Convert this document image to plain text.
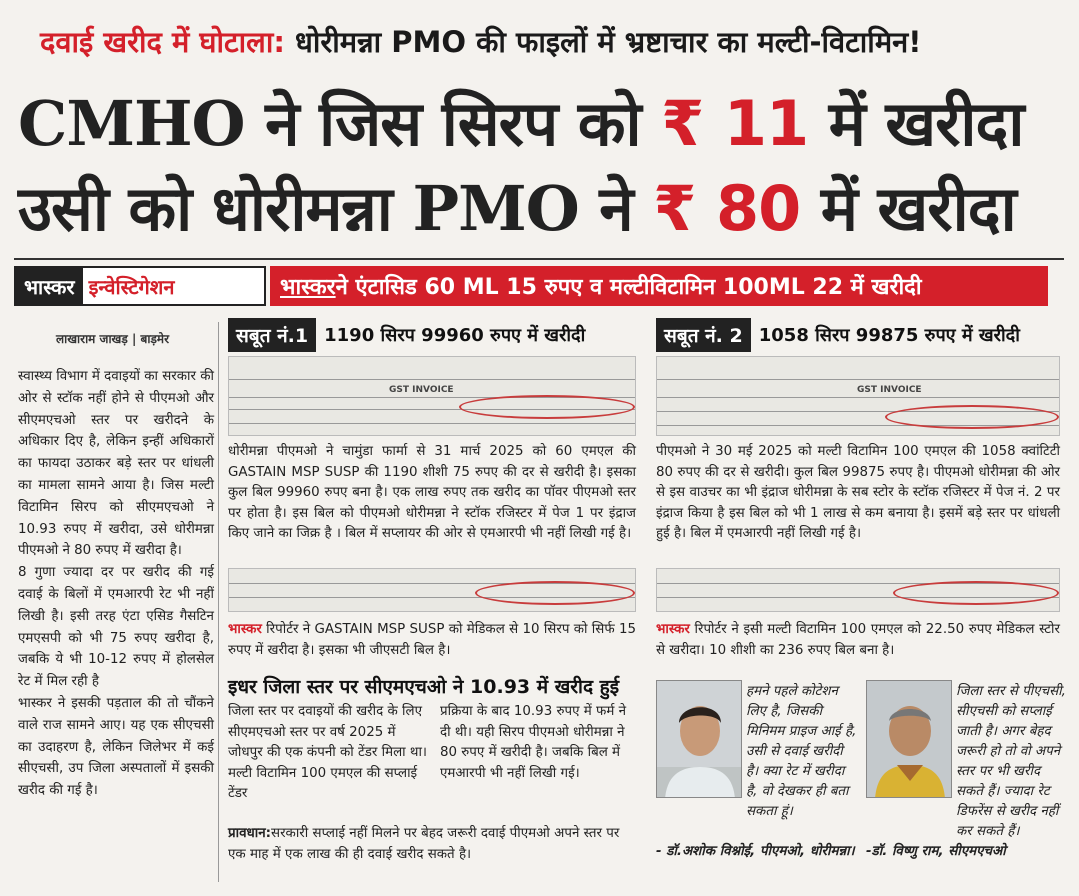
दवाई खरीद में घोटाला: धोरीमन्ना PMO की फाइलों में भ्रष्टाचार का मल्टी-विटामिन!
CMHO ने जिस सिरप को ₹ 11 में खरीदा
उसी को धोरीमन्ना PMO ने ₹ 80 में खरीदा
भास्कर इन्वेस्टिगेशन	भास्कर ने एंटासिड 60 ML 15 रुपए व मल्टीविटामिन 100ML 22 में खरीदी
लाखाराम जाखड़ | बाड़मेर

स्वास्थ्य विभाग में दवाइयों का सरकार की ओर से स्टॉक नहीं होने से पीएमओ और सीएमएचओ स्तर पर खरीदने के अधिकार दिए है, लेकिन इन्हीं अधिकारों का फायदा उठाकर बड़े स्तर पर धांधली का मामला सामने आया है। जिस मल्टी विटामिन सिरप को सीएमएचओ ने 10.93 रुपए में खरीदा, उसे धोरीमन्ना पीएमओ ने 80 रुपए में खरीदा है।

8 गुणा ज्यादा दर पर खरीद की गई दवाई के बिलों में एमआरपी रेट भी नहीं लिखी है। इसी तरह एंटा एसिड गैसटिन एमएसपी को भी 75 रुपए खरीदा है, जबकि ये भी 10-12 रुपए में होलसेल रेट में मिल रही है

भास्कर ने इसकी पड़ताल की तो चौंकने वाले राज सामने आए। यह एक सीएचसी का उदाहरण है, लेकिन जिलेभर में कई सीएचसी, उप जिला अस्पतालों में इसकी खरीद की गई है।

सबूत नं.1 1190 सिरप 99960 रुपए में खरीदी
GST INVOICE
धोरीमन्ना पीएमओ ने चामुंडा फार्मा से 31 मार्च 2025 को 60 एमएल की GASTAIN MSP SUSP की 1190 शीशी 75 रुपए की दर से खरीदी है। इसका कुल बिल 99960 रुपए बना है। एक लाख रुपए तक खरीद का पॉवर पीएमओ स्तर पर होता है। इस बिल को पीएमओ धोरीमन्ना ने स्टॉक रजिस्टर में पेज 1 पर इंद्राज किए जाने का जिक्र है । बिल में सप्लायर की ओर से एमआरपी भी नहीं लिखी गई है।
भास्कर रिपोर्टर ने GASTAIN MSP SUSP को मेडिकल से 10 सिरप को सिर्फ 15 रुपए में खरीदा है। इसका भी जीएसटी बिल है।
सबूत नं. 2 1058 सिरप 99875 रुपए में खरीदी
GST INVOICE
पीएमओ ने 30 मई 2025 को मल्टी विटामिन 100 एमएल की 1058 क्वांटिटी 80 रुपए की दर से खरीदी। कुल बिल 99875 रुपए है। पीएमओ धोरीमन्ना की ओर से इस वाउचर का भी इंद्राज धोरीमन्ना के सब स्टोर के स्टॉक रजिस्टर में पेज नं. 2 पर इंद्राज किया है इस बिल को भी 1 लाख से कम बनाया है। इसमें बड़े स्तर पर धांधली हुई है। बिल में एमआरपी नहीं लिखी गई है।
भास्कर रिपोर्टर ने इसी मल्टी विटामिन 100 एमएल को 22.50 रुपए मेडिकल स्टोर से खरीदा। 10 शीशी का 236 रुपए बिल बना है।
इधर जिला स्तर पर सीएमएचओ ने 10.93 में खरीद हुई
जिला स्तर पर दवाइयों की खरीद के लिए सीएमएचओ स्तर पर वर्ष 2025 में जोधपुर की एक कंपनी को टेंडर मिला था। मल्टी विटामिन 100 एमएल की सप्लाई टेंडर
प्रक्रिया के बाद 10.93 रुपए में फर्म ने दी थी। यही सिरप पीएमओ धोरीमन्ना ने 80 रुपए में खरीदी है। जबकि बिल में एमआरपी भी नहीं लिखी गई।
प्रावधान:सरकारी सप्लाई नहीं मिलने पर बेहद जरूरी दवाई पीएमओ अपने स्तर पर एक माह में एक लाख की ही दवाई खरीद सकते है।
हमने पहले कोटेशन लिए है, जिसकी मिनिमम प्राइज आई है, उसी से दवाई खरीदी है। क्या रेट में खरीदा है, वो देखकर ही बता सकता हूं।
- डॉ.अशोक विश्नोई, पीएमओ, धोरीमन्ना।
जिला स्तर से पीएचसी, सीएचसी को सप्लाई जाती है। अगर बेहद जरूरी हो तो वो अपने स्तर पर भी खरीद सकते हैं। ज्यादा रेट डिफरेंस से खरीद नहीं कर सकते हैं।
-डॉ. विष्णु राम, सीएमएचओ
